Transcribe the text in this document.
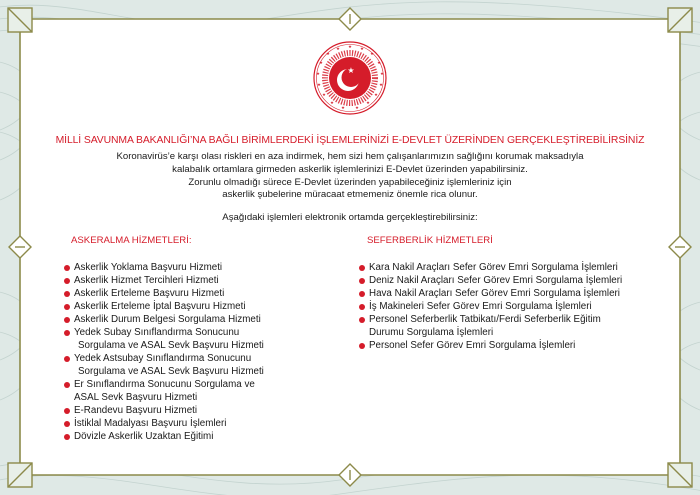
★ ★
★
★
★
★
★
★
★
★
★
★
★
★
★
★
★
★
MİLLİ SAVUNMA BAKANLIĞI’NA BAĞLI BİRİMLERDEKİ İŞLEMLERİNİZİ E-DEVLET ÜZERİNDEN GERÇEKLEŞTİREBİLİRSİNİZ
Koronavirüs’e karşı olası riskleri en aza indirmek, hem sizi hem çalışanlarımızın sağlığını korumak maksadıyla
kalabalık ortamlara girmeden askerlik işlemlerinizi E-Devlet üzerinden yapabilirsiniz.
Zorunlu olmadığı sürece E-Devlet üzerinden yapabileceğiniz işlemleriniz için
askerlik şubelerine müracaat etmemeniz önemle rica olunur.
Aşağıdaki işlemleri elektronik ortamda gerçekleştirebilirsiniz:
ASKERALMA HİZMETLERİ:
Askerlik Yoklama Başvuru Hizmeti
Askerlik Hizmet Tercihleri Hizmeti
Askerlik Erteleme Başvuru Hizmeti
Askerlik Erteleme İptal Başvuru Hizmeti
Askerlik Durum Belgesi Sorgulama Hizmeti
Yedek Subay Sınıflandırma Sonucunu
Sorgulama ve ASAL Sevk Başvuru Hizmeti
Yedek Astsubay Sınıflandırma Sonucunu
Sorgulama ve ASAL Sevk Başvuru Hizmeti
Er Sınıflandırma Sonucunu Sorgulama ve
ASAL Sevk Başvuru Hizmeti
E-Randevu Başvuru Hizmeti
İstiklal Madalyası Başvuru İşlemleri
Dövizle Askerlik Uzaktan Eğitimi
SEFERBERLİK HİZMETLERİ
Kara Nakil Araçları Sefer Görev Emri Sorgulama İşlemleri
Deniz Nakil Araçları Sefer Görev Emri Sorgulama İşlemleri
Hava Nakil Araçları Sefer Görev Emri Sorgulama İşlemleri
İş Makineleri Sefer Görev Emri Sorgulama İşlemleri
Personel Seferberlik Tatbikatı/Ferdi Seferberlik Eğitim
Durumu Sorgulama İşlemleri
Personel Sefer Görev Emri Sorgulama İşlemleri
